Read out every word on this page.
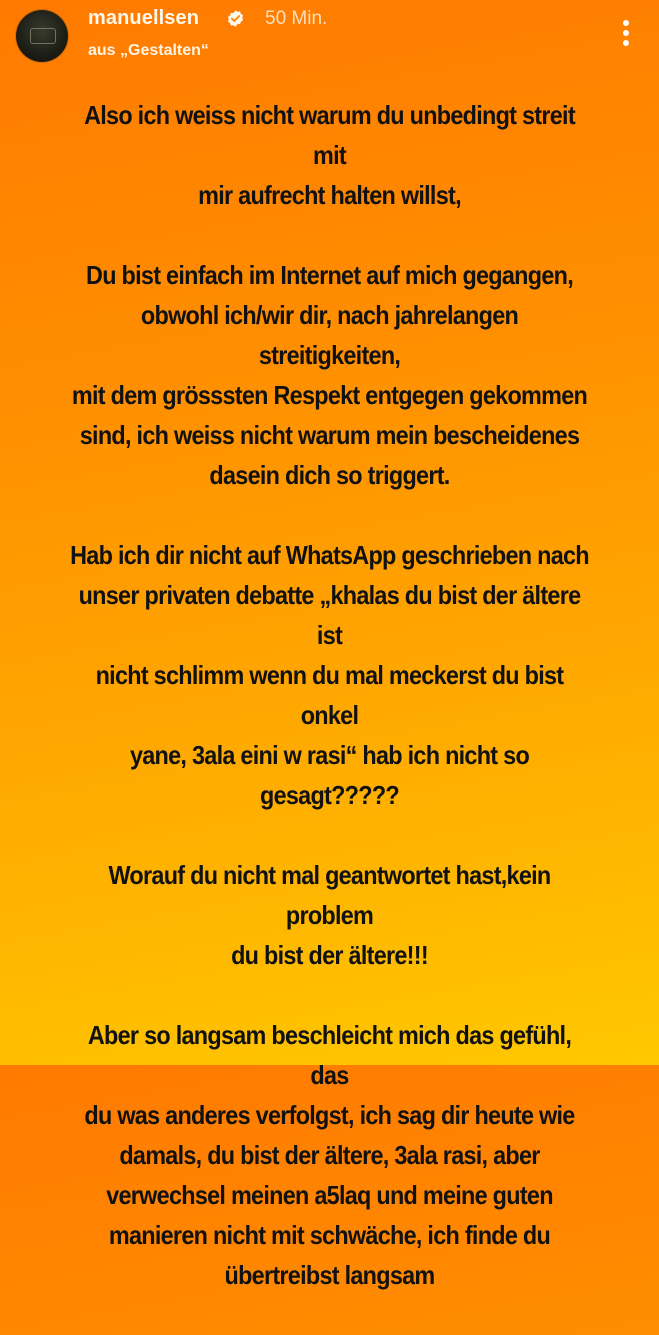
manuellsen	50 Min.
aus „Gestalten“
Also ich weiss nicht warum du unbedingt streit mit
mir aufrecht halten willst,
Du bist einfach im Internet auf mich gegangen,
obwohl ich/wir dir, nach jahrelangen streitigkeiten,
mit dem grösssten Respekt entgegen gekommen
sind, ich weiss nicht warum mein bescheidenes
dasein dich so triggert.
Hab ich dir nicht auf WhatsApp geschrieben nach
unser privaten debatte „khalas du bist der ältere ist
nicht schlimm wenn du mal meckerst du bist onkel
yane, 3ala eini w rasi“ hab ich nicht so gesagt?????
Worauf du nicht mal geantwortet hast,kein problem
du bist der ältere!!!
Aber so langsam beschleicht mich das gefühl, das
du was anderes verfolgst, ich sag dir heute wie
damals, du bist der ältere, 3ala rasi, aber
verwechsel meinen a5laq und meine guten
manieren nicht mit schwäche, ich finde du
übertreibst langsam
